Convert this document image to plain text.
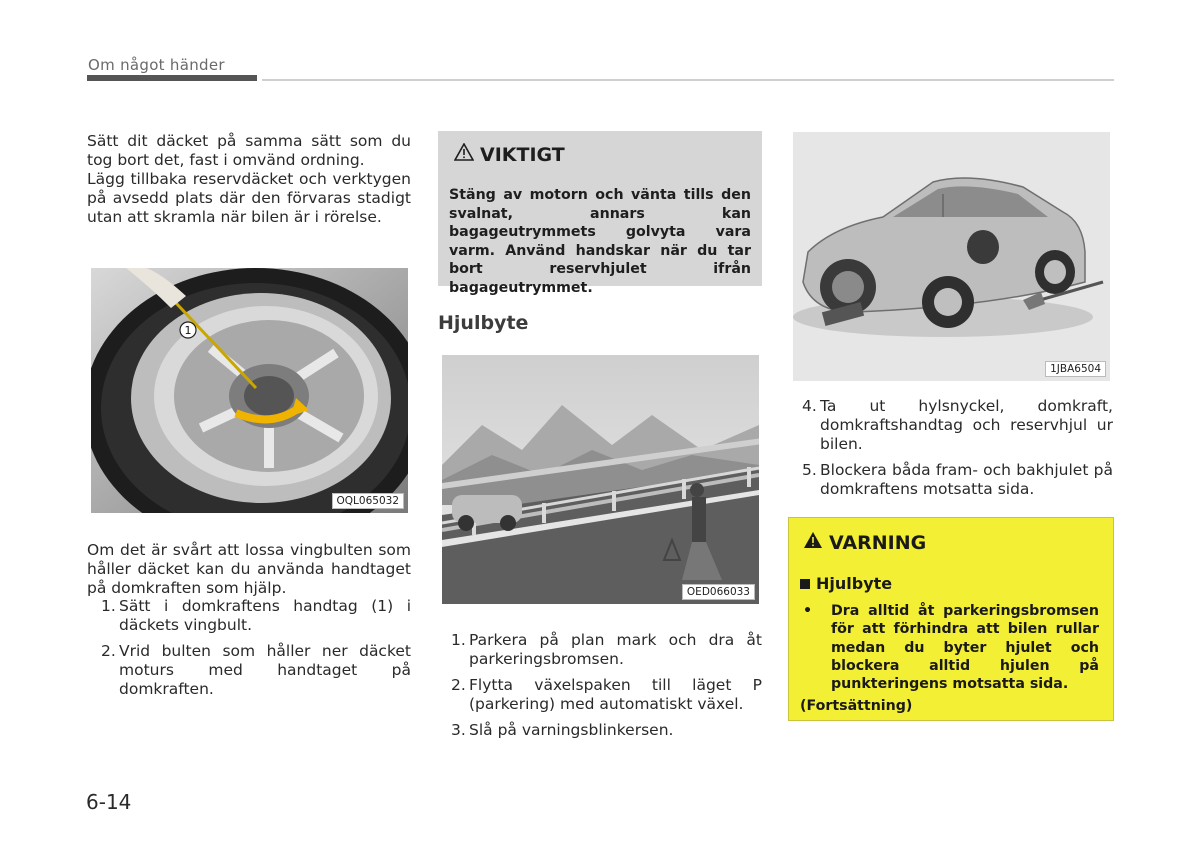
Om något händer

Sätt dit däcket på samma sätt som du tog bort det, fast i omvänd ordning.

Lägg tillbaka reservdäcket och verktygen på avsedd plats där den förvaras stadigt utan att skramla när bilen är i rörelse.

1
OQL065032
Om det är svårt att lossa vingbulten som håller däcket kan du använda handtaget på domkraften som hjälp.
1. Sätt i domkraftens handtag (1) i däckets vingbult.
2. Vrid bulten som håller ner däcket moturs med handtaget på domkraften.
VIKTIGT
Stäng av motorn och vänta tills den svalnat, annars kan bagageutrymmets golvyta vara varm. Använd handskar när du tar bort reservhjulet ifrån bagageutrymmet.
Hjulbyte
OED066033
1. Parkera på plan mark och dra åt parkeringsbromsen.
2. Flytta växelspaken till läget P (parkering) med automatiskt växel.
3. Slå på varningsblinkersen.
1JBA6504
4. Ta ut hylsnyckel, domkraft, domkraftshandtag och reservhjul ur bilen.
5. Blockera båda fram- och bakhjulet på domkraftens motsatta sida.
VARNING
Hjulbyte
•	Dra alltid åt parkeringsbromsen för att förhindra att bilen rullar medan du byter hjulet och blockera alltid hjulen på punkteringens motsatta sida.
(Fortsättning)
6-14
